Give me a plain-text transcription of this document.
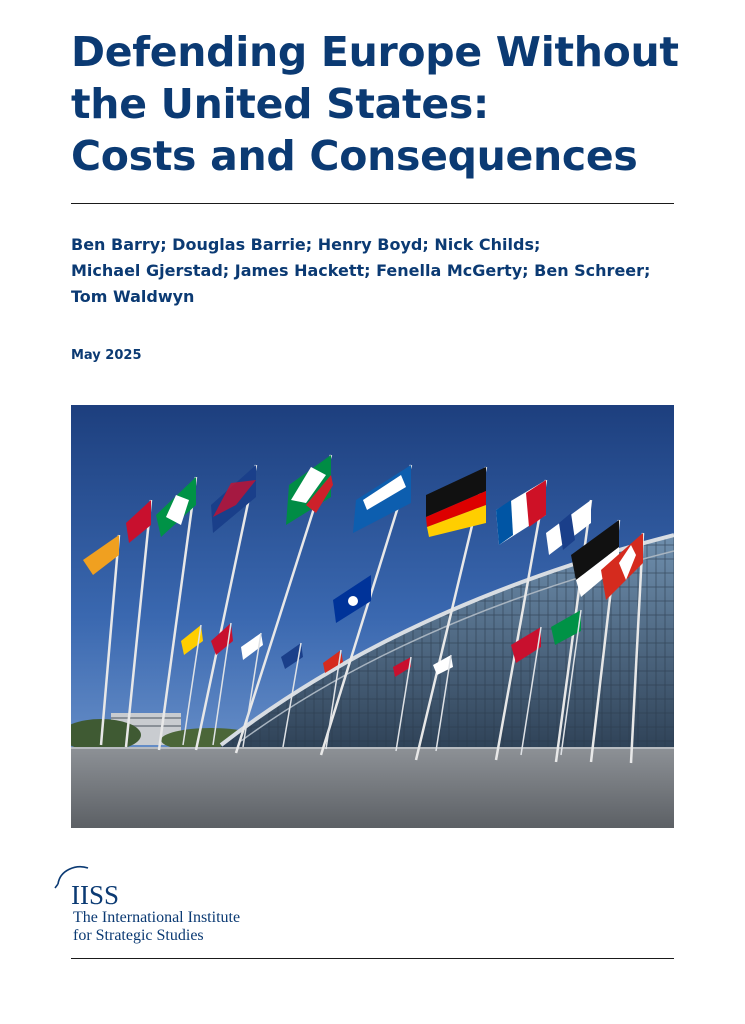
Defending Europe Without
the United States:
Costs and Consequences
Ben Barry; Douglas Barrie; Henry Boyd; Nick Childs;
Michael Gjerstad; James Hackett; Fenella McGerty; Ben Schreer;
Tom Waldwyn
May 2025
IISS
The International Institute
for Strategic Studies
